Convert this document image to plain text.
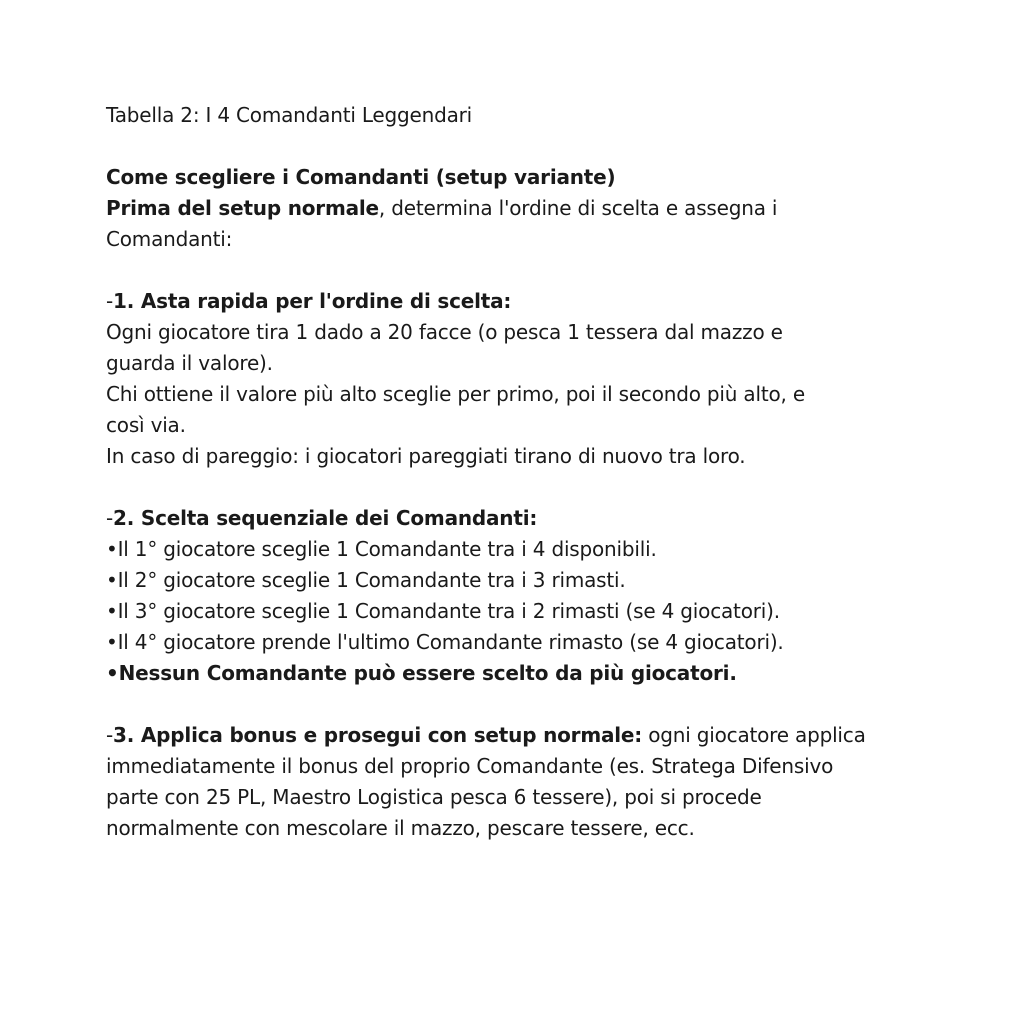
Tabella 2: I 4 Comandanti Leggendari
Come scegliere i Comandanti (setup variante)
Prima del setup normale, determina l'ordine di scelta e assegna i
Comandanti:
-1. Asta rapida per l'ordine di scelta:
Ogni giocatore tira 1 dado a 20 facce (o pesca 1 tessera dal mazzo e
guarda il valore).
Chi ottiene il valore più alto sceglie per primo, poi il secondo più alto, e
così via.
In caso di pareggio: i giocatori pareggiati tirano di nuovo tra loro.
-2. Scelta sequenziale dei Comandanti:
•Il 1° giocatore sceglie 1 Comandante tra i 4 disponibili.
•Il 2° giocatore sceglie 1 Comandante tra i 3 rimasti.
•Il 3° giocatore sceglie 1 Comandante tra i 2 rimasti (se 4 giocatori).
•Il 4° giocatore prende l'ultimo Comandante rimasto (se 4 giocatori).
•Nessun Comandante può essere scelto da più giocatori.
-3. Applica bonus e prosegui con setup normale: ogni giocatore applica
immediatamente il bonus del proprio Comandante (es. Stratega Difensivo
parte con 25 PL, Maestro Logistica pesca 6 tessere), poi si procede
normalmente con mescolare il mazzo, pescare tessere, ecc.
